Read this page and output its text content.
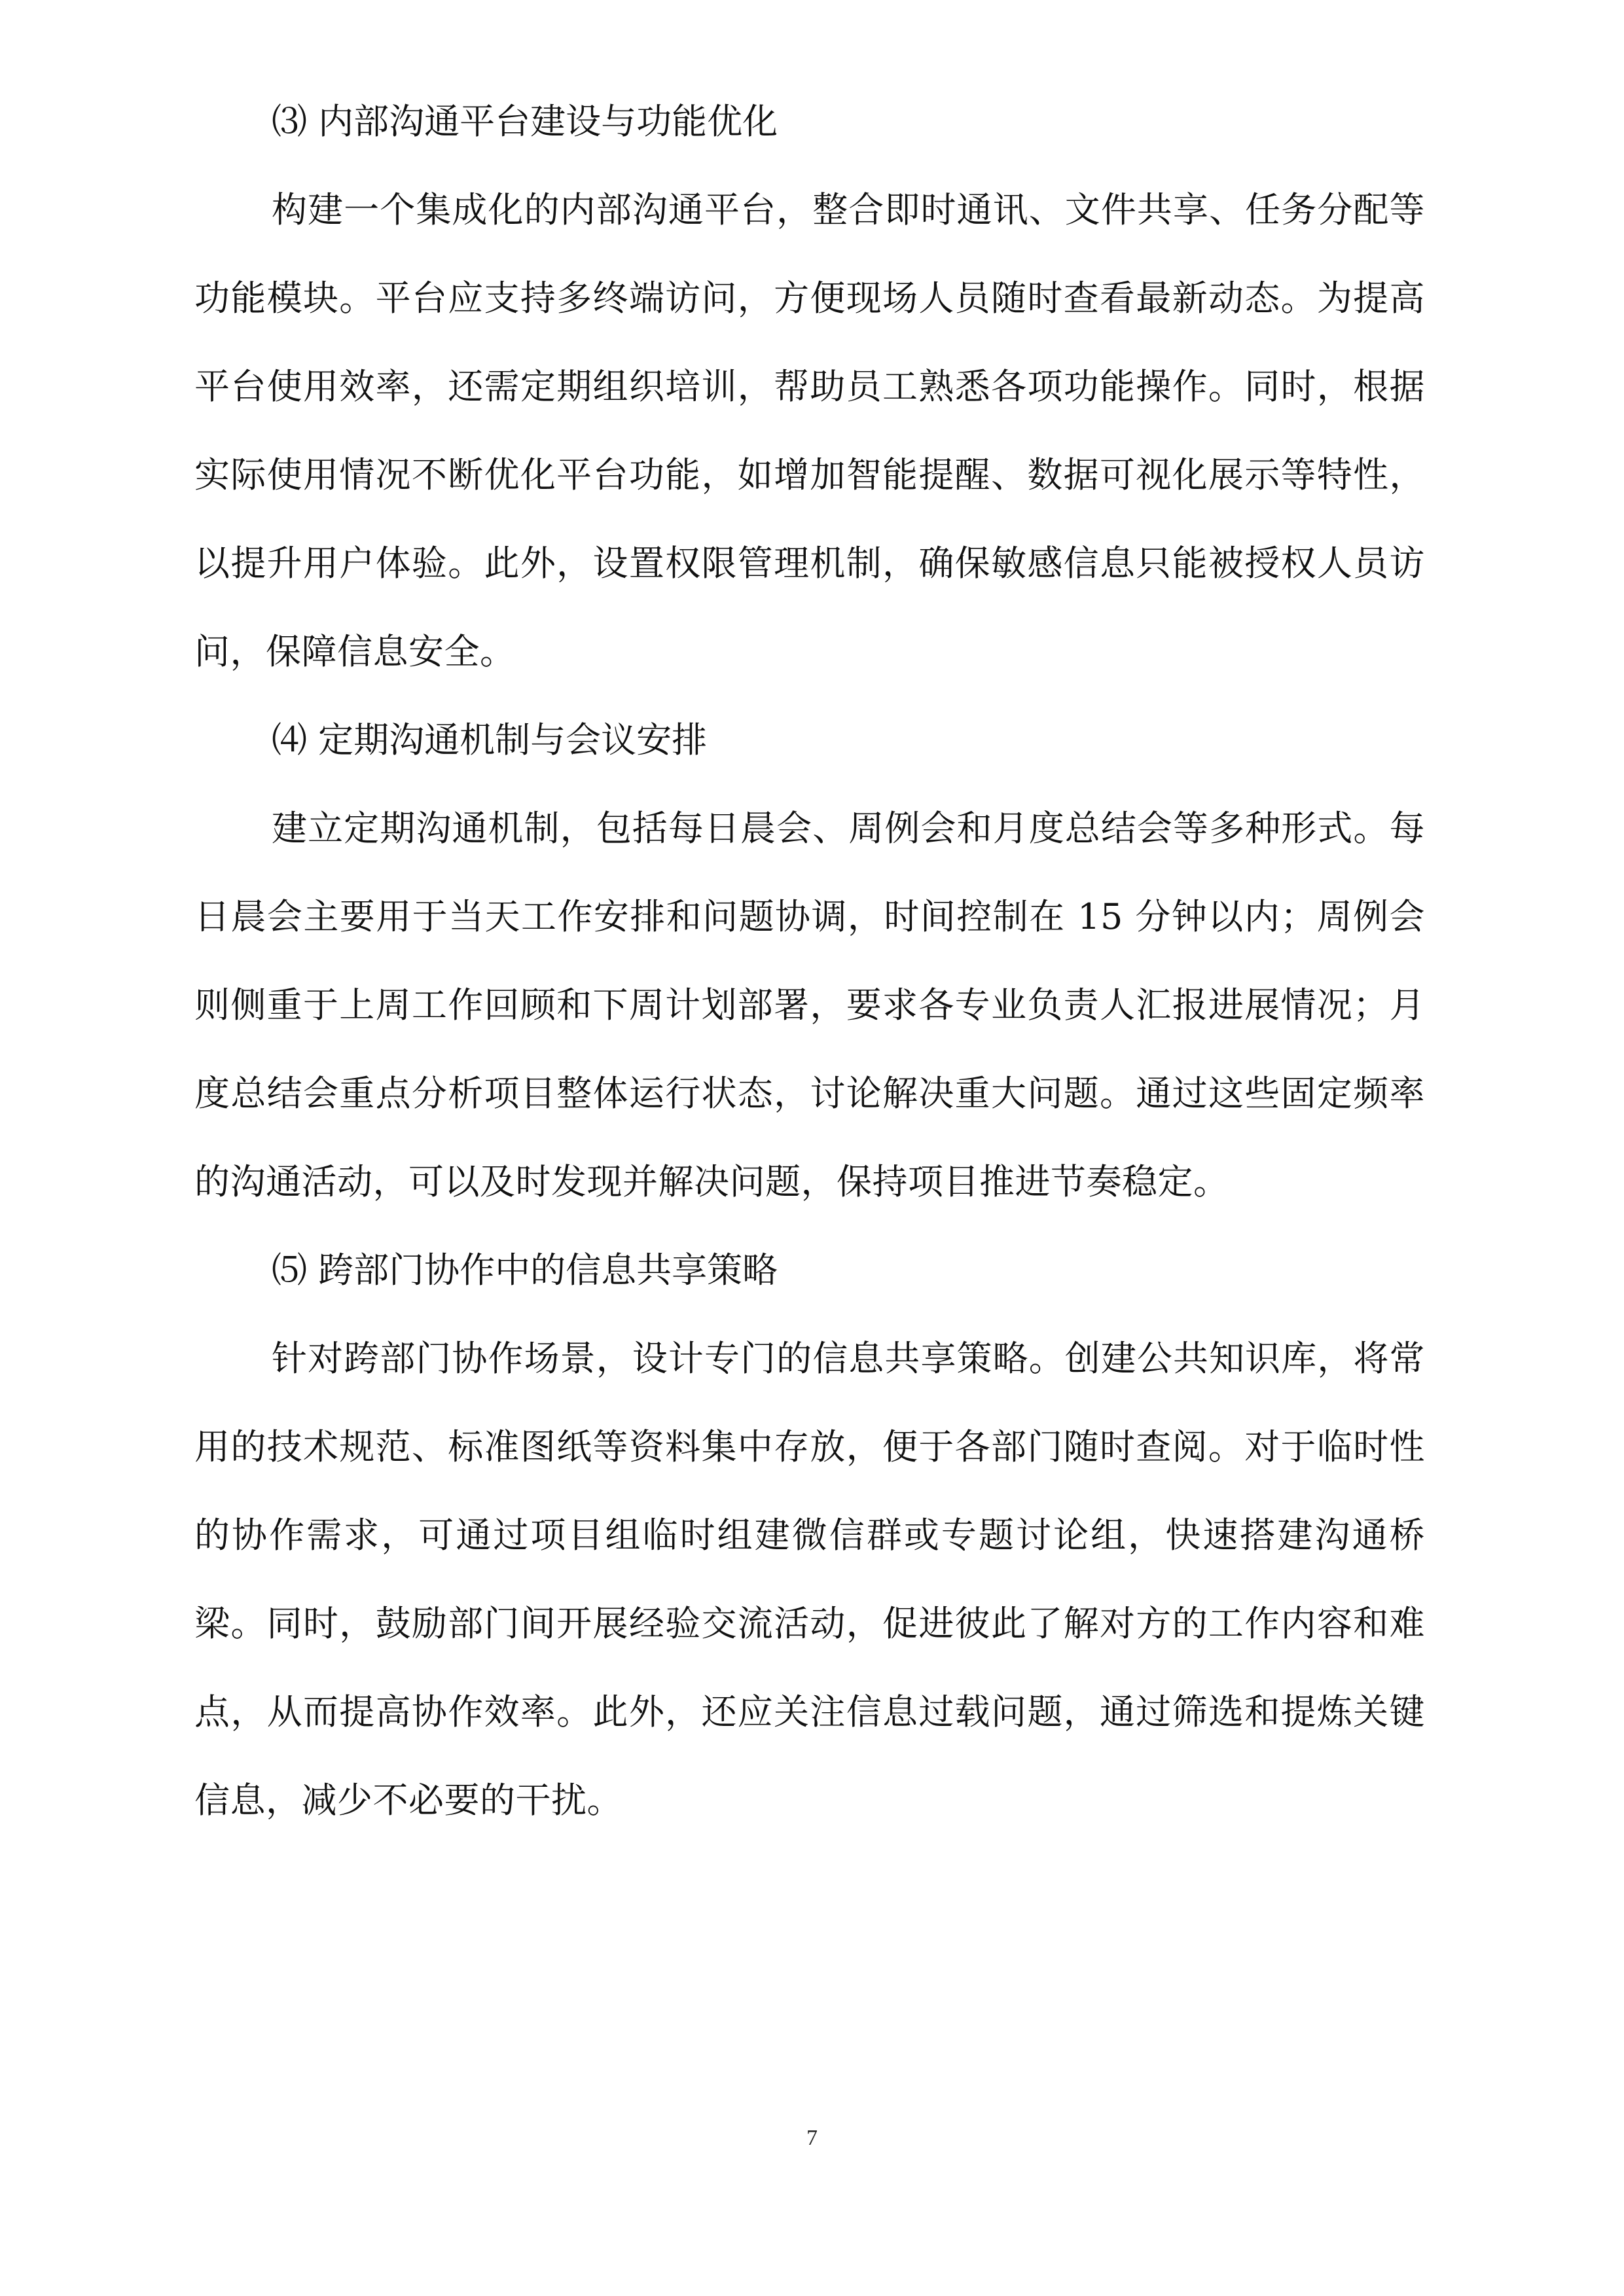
⑶ 内部沟通平台建设与功能优化

构建一个集成化的内部沟通平台，整合即时通讯、文件共享、任务分配等功能模块。平台应支持多终端访问，方便现场人员随时查看最新动态。为提高平台使用效率，还需定期组织培训，帮助员工熟悉各项功能操作。同时，根据实际使用情况不断优化平台功能，如增加智能提醒、数据可视化展示等特性，以提升用户体验。此外，设置权限管理机制，确保敏感信息只能被授权人员访问，保障信息安全。

⑷ 定期沟通机制与会议安排

建立定期沟通机制，包括每日晨会、周例会和月度总结会等多种形式。每日晨会主要用于当天工作安排和问题协调，时间控制在 15 分钟以内；周例会则侧重于上周工作回顾和下周计划部署，要求各专业负责人汇报进展情况；月度总结会重点分析项目整体运行状态，讨论解决重大问题。通过这些固定频率的沟通活动，可以及时发现并解决问题，保持项目推进节奏稳定。

⑸ 跨部门协作中的信息共享策略

针对跨部门协作场景，设计专门的信息共享策略。创建公共知识库，将常用的技术规范、标准图纸等资料集中存放，便于各部门随时查阅。对于临时性的协作需求，可通过项目组临时组建微信群或专题讨论组，快速搭建沟通桥梁。同时，鼓励部门间开展经验交流活动，促进彼此了解对方的工作内容和难点，从而提高协作效率。此外，还应关注信息过载问题，通过筛选和提炼关键信息，减少不必要的干扰。

7
